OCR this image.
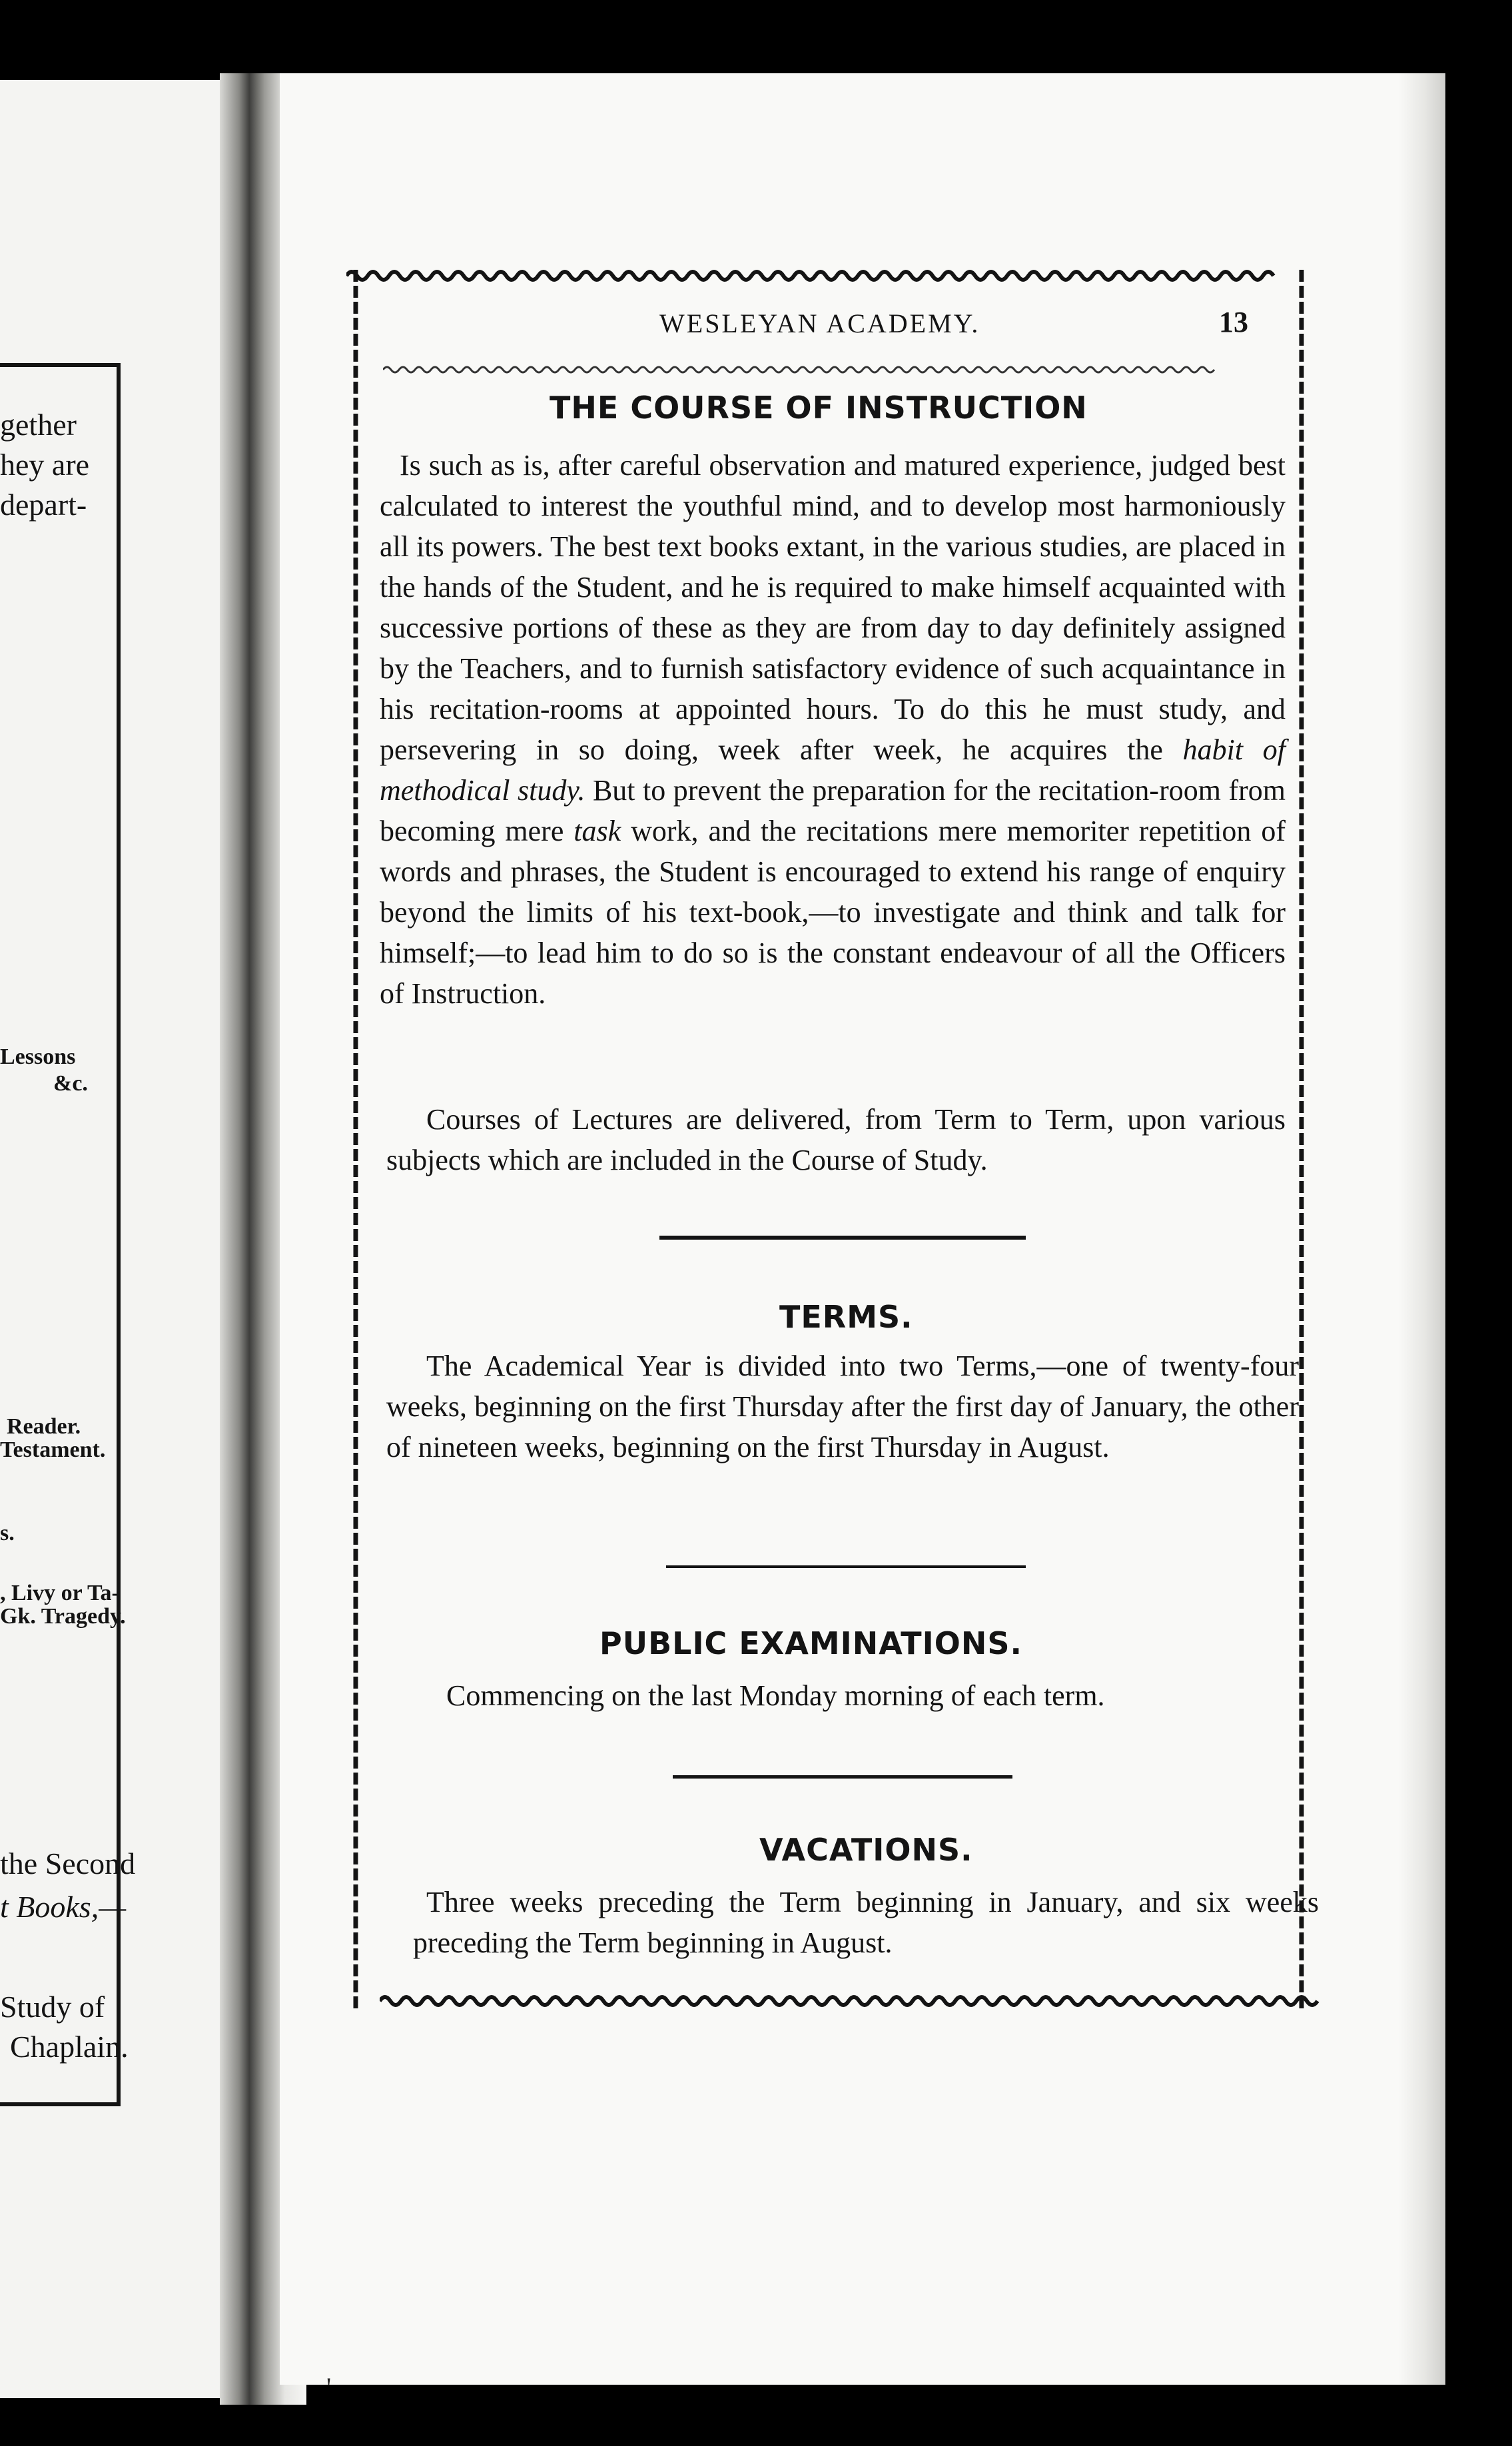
gether
hey are
depart-
Lessons
&c.
Reader.
Testament.
s.
, Livy or Ta-
Gk. Tragedy.
the Second
t Books,—
Study of
Chaplain.
WESLEYAN ACADEMY.	13
THE COURSE OF INSTRUCTION
Is such as is, after careful observation and matured experience, judged best calculated to interest the youthful mind, and to develop most harmoniously all its powers. The best text books extant, in the various studies, are placed in the hands of the Student, and he is required to make himself acquainted with successive portions of these as they are from day to day definitely assigned by the Teachers, and to furnish satisfactory evidence of such acquaintance in his recitation-rooms at appointed hours. To do this he must study, and persevering in so doing, week after week, he acquires the habit of methodical study. But to prevent the preparation for the recitation-room from becoming mere task work, and the recitations mere memoriter repetition of words and phrases, the Student is encouraged to extend his range of enquiry beyond the limits of his text-book,—to investigate and think and talk for himself;—to lead him to do so is the constant endeavour of all the Officers of Instruction.
Courses of Lectures are delivered, from Term to Term, upon various subjects which are included in the Course of Study.
TERMS.
The Academical Year is divided into two Terms,—one of twenty-four weeks, beginning on the first Thursday after the first day of January, the other of nineteen weeks, beginning on the first Thursday in August.
PUBLIC EXAMINATIONS.
Commencing on the last Monday morning of each term.
VACATIONS.
Three weeks preceding the Term beginning in January, and six weeks preceding the Term beginning in August.
'
